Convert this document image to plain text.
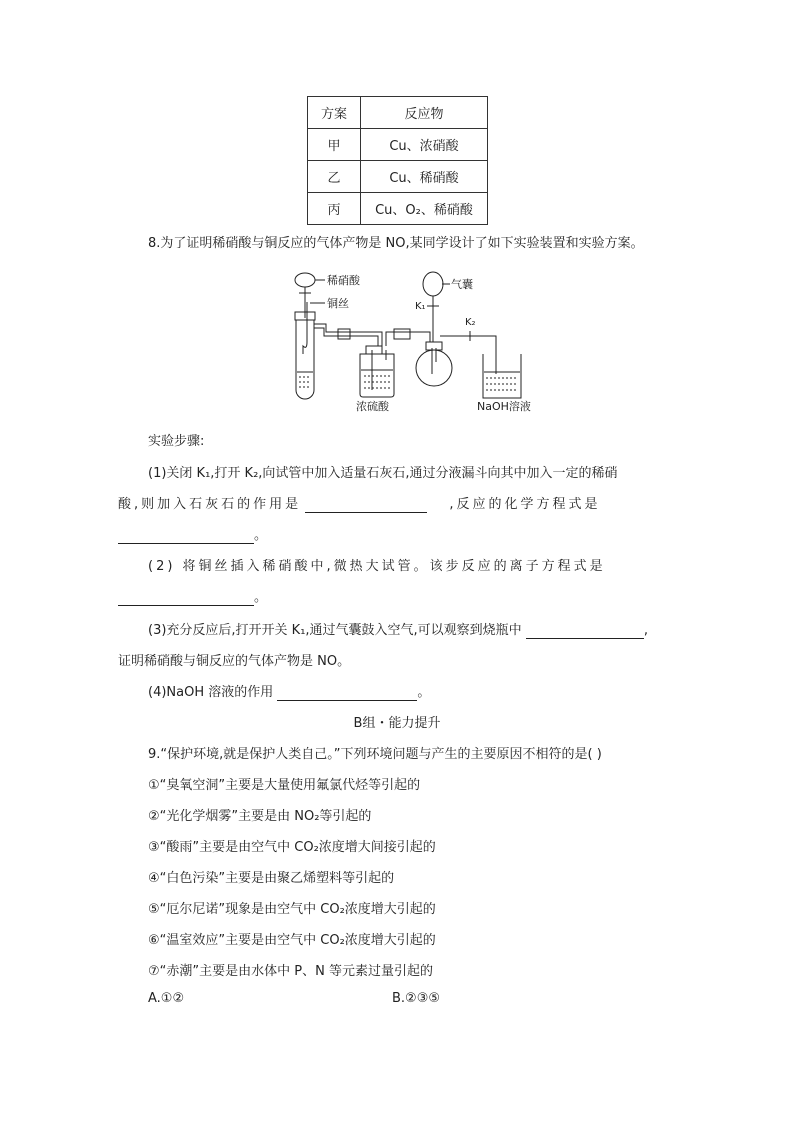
方案	反应物
甲	Cu、浓硝酸
乙	Cu、稀硝酸
丙	Cu、O₂、稀硝酸
8.为了证明稀硝酸与铜反应的气体产物是 NO,某同学设计了如下实验装置和实验方案。
稀硝酸
铜丝
气囊
K₁
K₂
浓硫酸	NaOH溶液
实验步骤:
(1)关闭 K₁,打开 K₂,向试管中加入适量石灰石,通过分液漏斗向其中加入一定的稀硝
酸,则加入石灰石的作用是	,反应的化学方程式是
。
(2) 将铜丝插入稀硝酸中,微热大试管。该步反应的离子方程式是
。
(3)充分反应后,打开开关 K₁,通过气囊鼓入空气,可以观察到烧瓶中	,
证明稀硝酸与铜反应的气体产物是 NO。
(4)NaOH 溶液的作用	。
B组・能力提升
9.“保护环境,就是保护人类自己。”下列环境问题与产生的主要原因不相符的是( )
①“臭氧空洞”主要是大量使用氟氯代烃等引起的
②“光化学烟雾”主要是由 NO₂等引起的
③“酸雨”主要是由空气中 CO₂浓度增大间接引起的
④“白色污染”主要是由聚乙烯塑料等引起的
⑤“厄尔尼诺”现象是由空气中 CO₂浓度增大引起的
⑥“温室效应”主要是由空气中 CO₂浓度增大引起的
⑦“赤潮”主要是由水体中 P、N 等元素过量引起的
A.①②	B.②③⑤
